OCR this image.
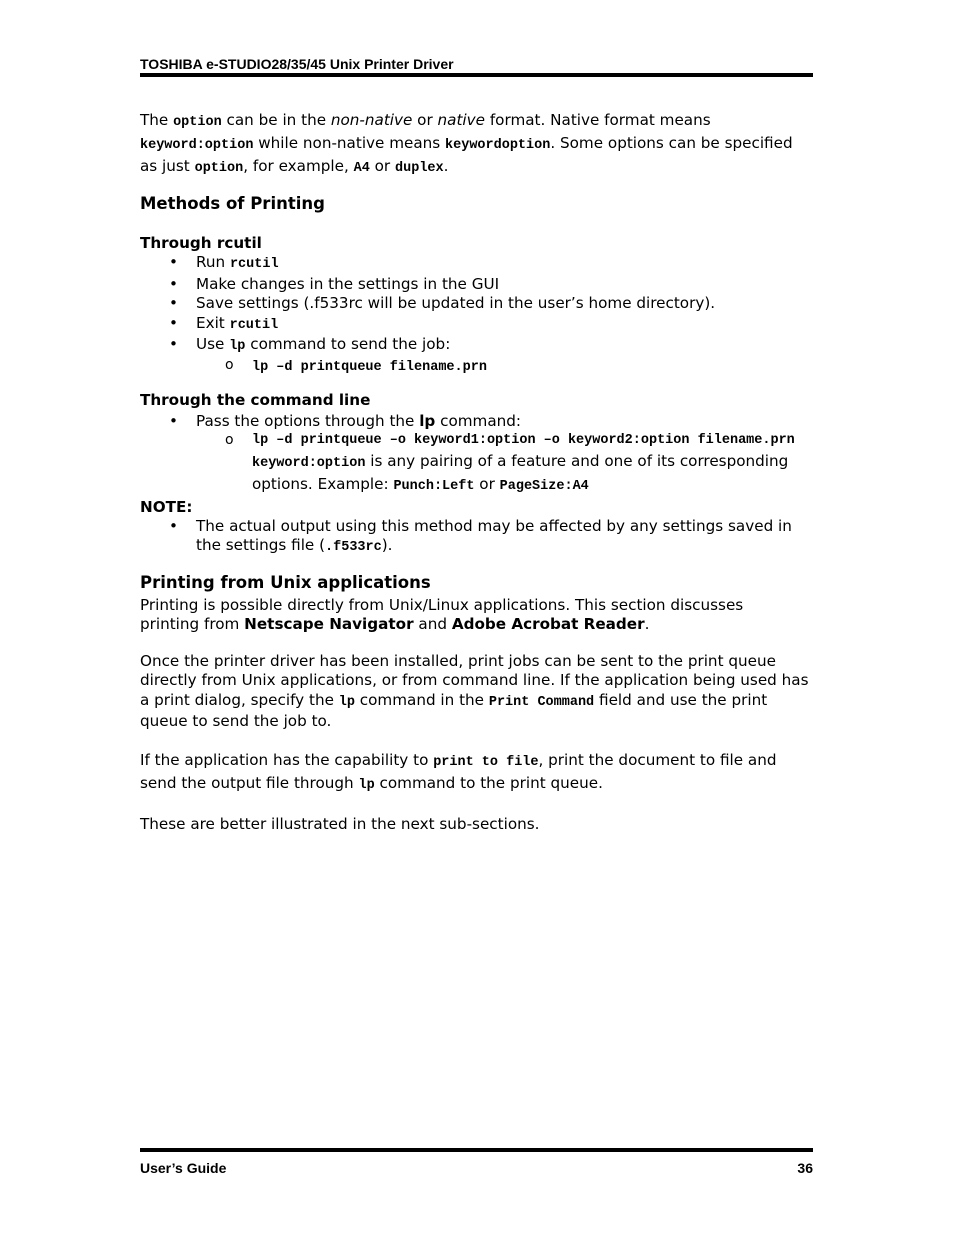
TOSHIBA e-STUDIO28/35/45 Unix Printer Driver

The option can be in the non-native or native format. Native format means keyword:option while non-native means keywordoption. Some options can be specified as just option, for example, A4 or duplex.

Methods of Printing
Through rcutil
• Run rcutil
• Make changes in the settings in the GUI
• Save settings (.f533rc will be updated in the user’s home directory).
• Exit rcutil
• Use lp command to send the job:
o lp –d printqueue filename.prn
Through the command line
• Pass the options through the lp command:
o lp –d printqueue –o keyword1:option –o keyword2:option filename.prn
keyword:option is any pairing of a feature and one of its corresponding options. Example: Punch:Left or PageSize:A4
NOTE:
• The actual output using this method may be affected by any settings saved in the settings file (.f533rc).
Printing from Unix applications

Printing is possible directly from Unix/Linux applications. This section discusses printing from Netscape Navigator and Adobe Acrobat Reader.

Once the printer driver has been installed, print jobs can be sent to the print queue directly from Unix applications, or from command line. If the application being used has a print dialog, specify the lp command in the Print Command field and use the print queue to send the job to.

If the application has the capability to print to file, print the document to file and send the output file through lp command to the print queue.

These are better illustrated in the next sub-sections.

User’s Guide	36
